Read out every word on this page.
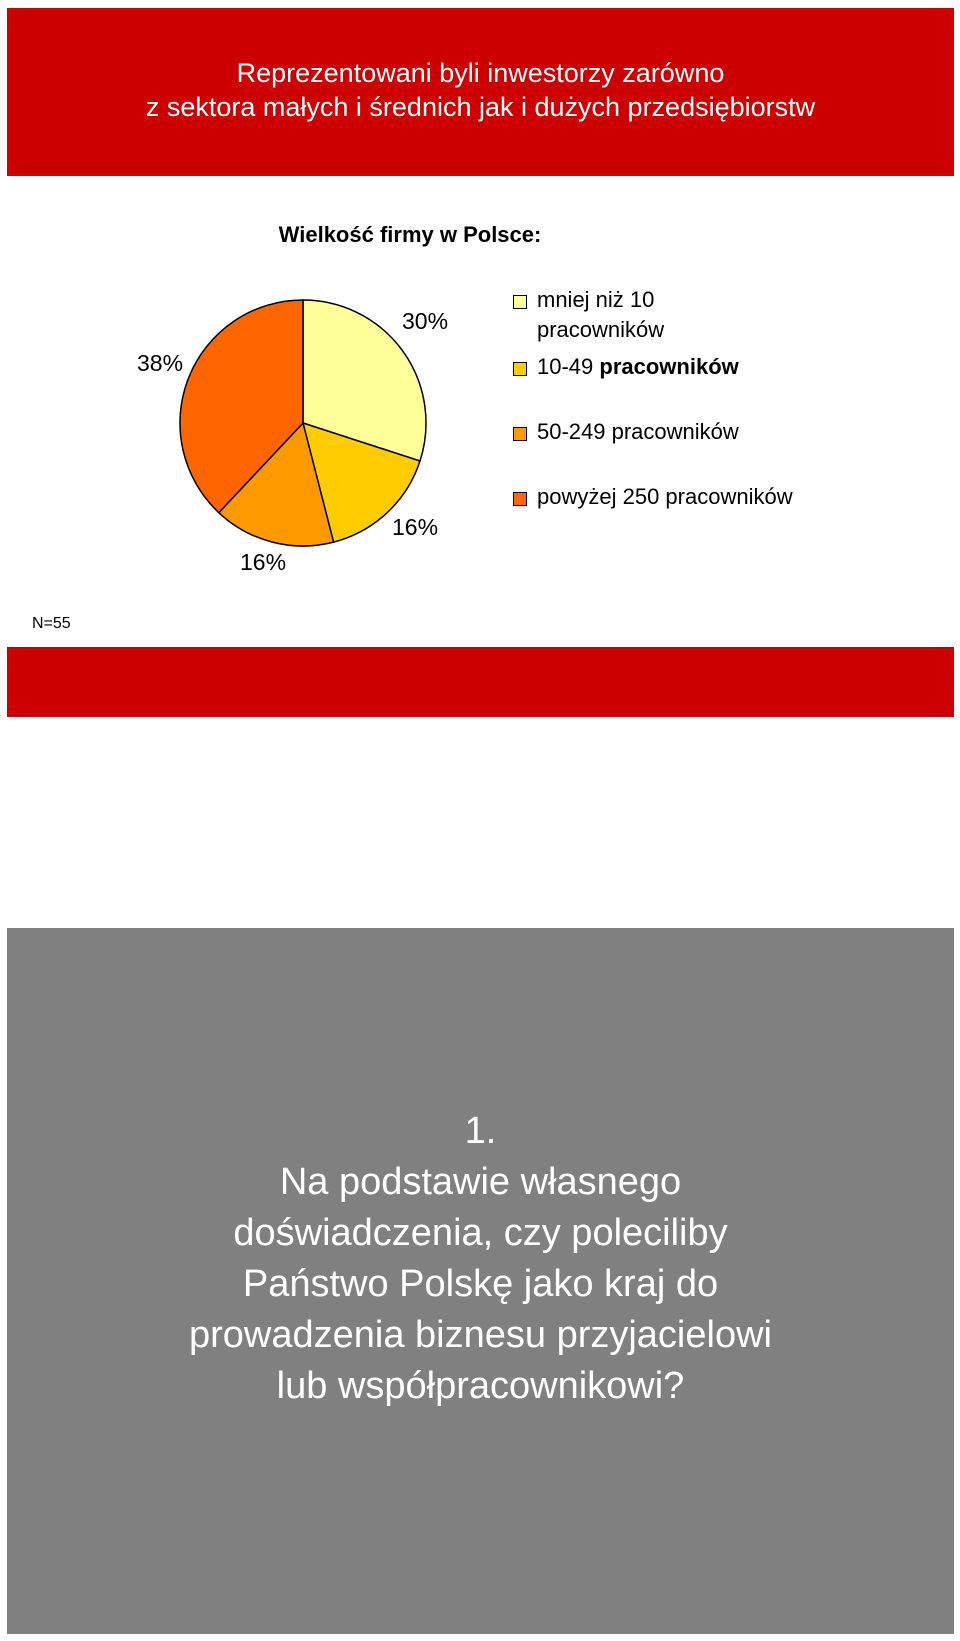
Reprezentowani byli inwestorzy zarówno
z sektora małych i średnich jak i dużych przedsiębiorstw
Wielkość firmy w Polsce:
30%
16%
16%
38%
mniej niż 10
pracowników
10-49 pracowników
50-249 pracowników
powyżej 250 pracowników
N=55
1.
Na podstawie własnego
doświadczenia, czy poleciliby
Państwo Polskę jako kraj do
prowadzenia biznesu przyjacielowi
lub współpracownikowi?
